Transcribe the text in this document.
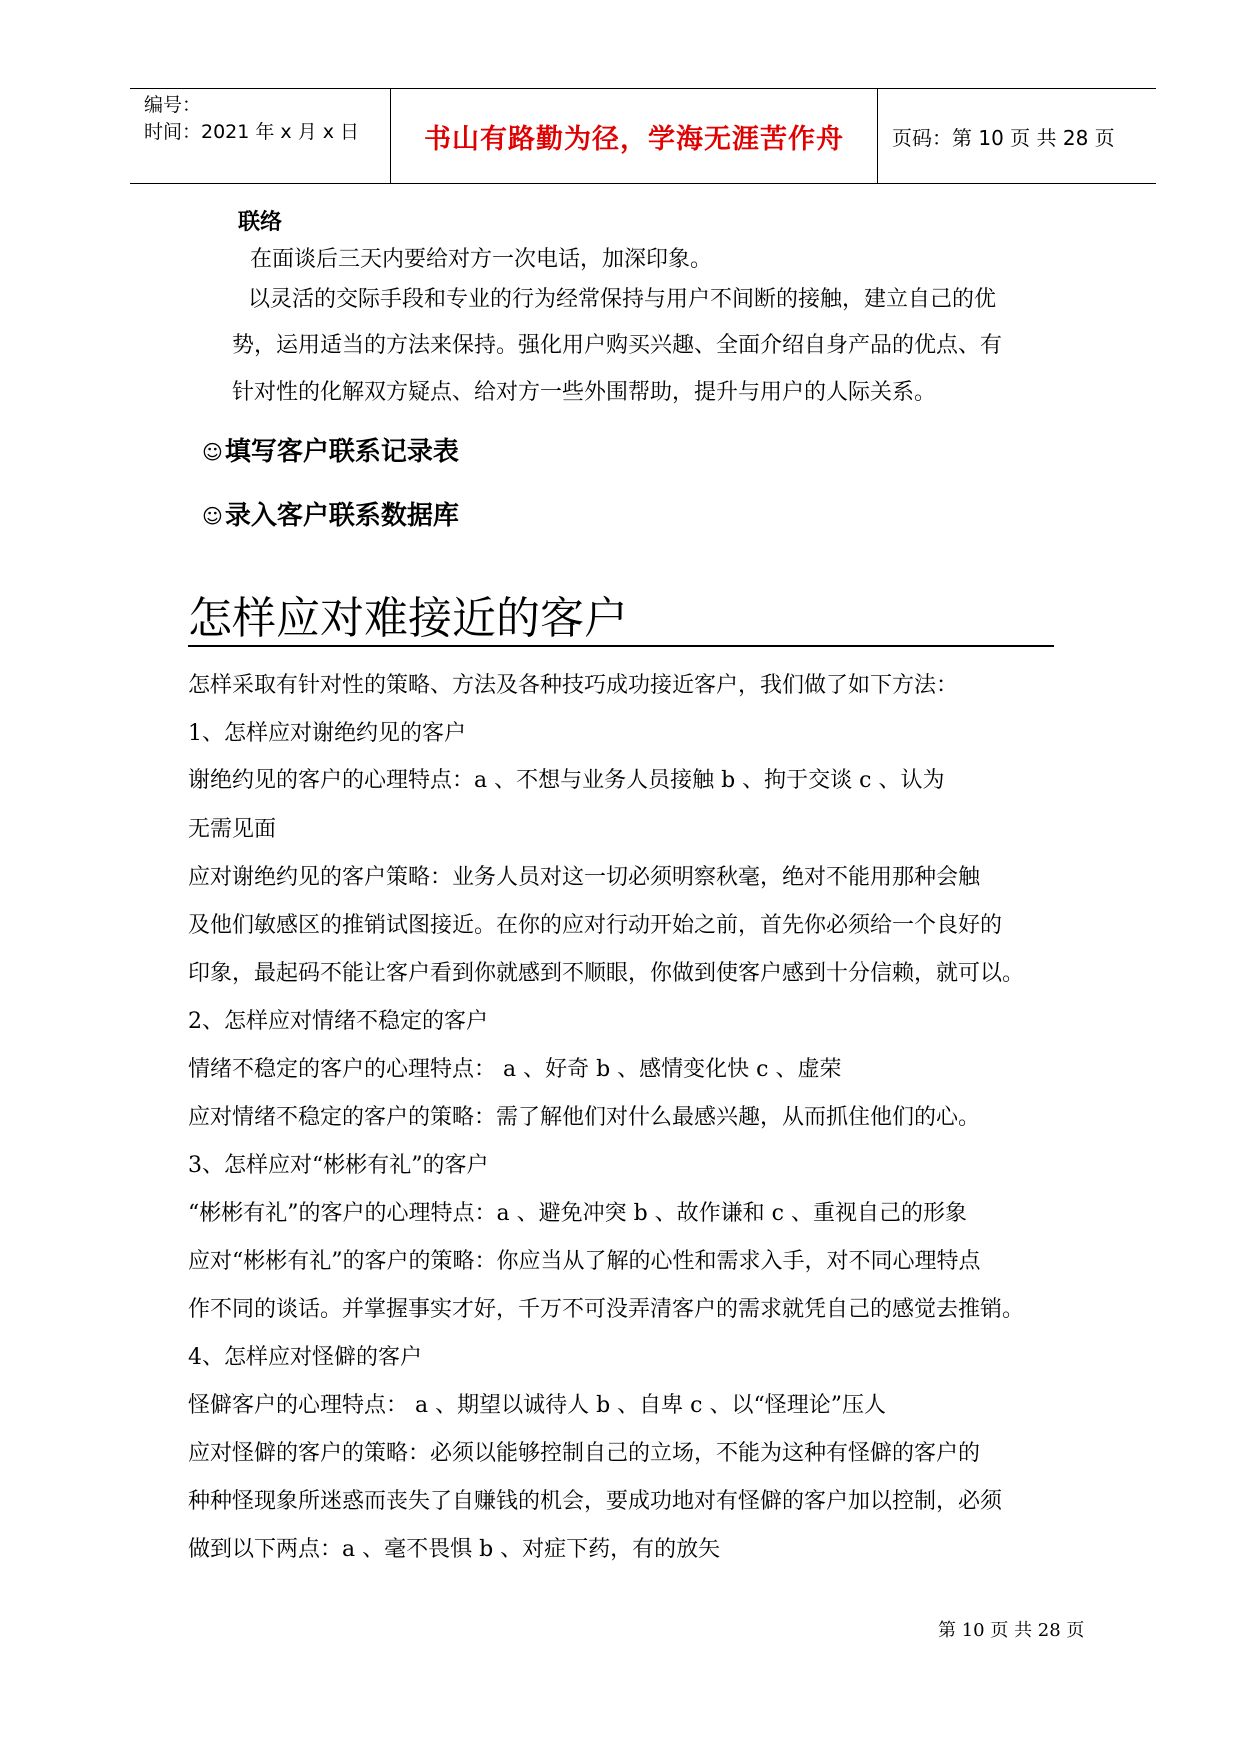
编号：
时间：2021 年 x 月 x 日 书山有路勤为径，学海无涯苦作舟 页码：第 10 页 共 28 页
联络
在面谈后三天内要给对方一次电话，加深印象。
以灵活的交际手段和专业的行为经常保持与用户不间断的接触，建立自己的优
势，运用适当的方法来保持。强化用户购买兴趣、全面介绍自身产品的优点、有
针对性的化解双方疑点、给对方一些外围帮助，提升与用户的人际关系。
☺填写客户联系记录表
☺录入客户联系数据库
怎样应对难接近的客户
怎样采取有针对性的策略、方法及各种技巧成功接近客户，我们做了如下方法：
1、怎样应对谢绝约见的客户
谢绝约见的客户的心理特点：a 、不想与业务人员接触 b 、拘于交谈 c 、认为
无需见面
应对谢绝约见的客户策略：业务人员对这一切必须明察秋毫，绝对不能用那种会触
及他们敏感区的推销试图接近。在你的应对行动开始之前，首先你必须给一个良好的
印象，最起码不能让客户看到你就感到不顺眼，你做到使客户感到十分信赖，就可以。
2、怎样应对情绪不稳定的客户
情绪不稳定的客户的心理特点： a 、好奇 b 、感情变化快 c 、虚荣
应对情绪不稳定的客户的策略：需了解他们对什么最感兴趣，从而抓住他们的心。
3、怎样应对“彬彬有礼”的客户
“彬彬有礼”的客户的心理特点：a 、避免冲突 b 、故作谦和 c 、重视自己的形象
应对“彬彬有礼”的客户的策略：你应当从了解的心性和需求入手，对不同心理特点
作不同的谈话。并掌握事实才好，千万不可没弄清客户的需求就凭自己的感觉去推销。
4、怎样应对怪僻的客户
怪僻客户的心理特点： a 、期望以诚待人 b 、自卑 c 、以“怪理论”压人
应对怪僻的客户的策略：必须以能够控制自己的立场，不能为这种有怪僻的客户的
种种怪现象所迷惑而丧失了自赚钱的机会，要成功地对有怪僻的客户加以控制，必须
做到以下两点：a 、毫不畏惧 b 、对症下药，有的放矢
第 10 页 共 28 页
